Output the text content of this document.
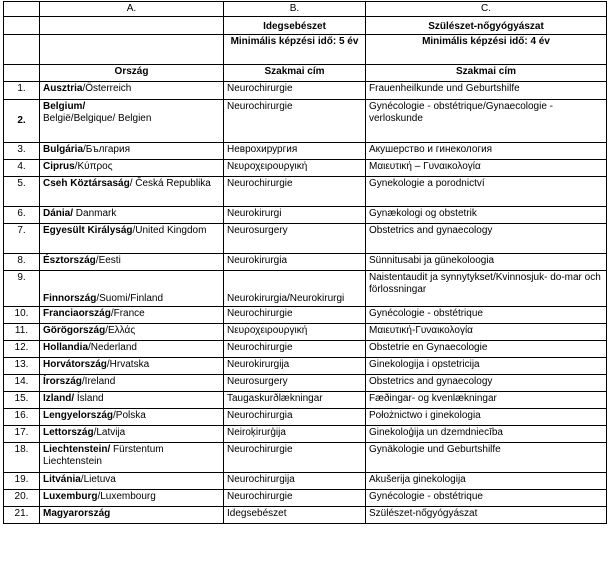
	A.	B.	C.
		Idegsebészet	Szülészet-nőgyógyászat
		Minimális képzési idő: 5 év	Minimális képzési idő: 4 év
	Ország	Szakmai cím	Szakmai cím
1.	Ausztria/Österreich	Neurochirurgie	Frauenheilkunde und Geburtshilfe
2.	Belgium/
België/Belgique/ Belgien	Neurochirurgie	Gynécologie - obstétrique/Gynaecologie - verloskunde
3.	Bulgária/България	Неврохирургия	Акушерство и гинекология
4.	Ciprus/Κύπρος	Νευροχειρουργική	Μαιευτική – Γυναικολογία
5.	Cseh Köztársaság/ Česká Republika	Neurochirurgie	Gynekologie a porodnictví
6.	Dánia/ Danmark	Neurokirurgi	Gynækologi og obstetrik
7.	Egyesült Királyság/United Kingdom	Neurosurgery	Obstetrics and gynaecology
8.	Észtország/Eesti	Neurokirurgia	Sünnitusabi ja günekoloogia
9.	Finnország/Suomi/Finland	Neurokirurgia/Neurokirurgi	Naistentaudit ja synnytykset/Kvinnosjuk- do-mar och förlossningar
10.	Franciaország/France	Neurochirurgie	Gynécologie - obstétrique
11.	Görögország/Ελλάς	Νευροχειρουργική	Μαιευτική-Γυναικολογία
12.	Hollandia/Nederland	Neurochirurgie	Obstetrie en Gynaecologie
13.	Horvátország/Hrvatska	Neurokirurgija	Ginekologija i opstetricija
14.	Írország/Ireland	Neurosurgery	Obstetrics and gynaecology
15.	Izland/ Ísland	Taugaskurðlækningar	Fæðingar- og kvenlækningar
16.	Lengyelország/Polska	Neurochirurgia	Położnictwo i ginekologia
17.	Lettország/Latvija	Neiroķirurģija	Ginekoloģija un dzemdniecība
18.	Liechtenstein/ Fürstentum Liechtenstein	Neurochirurgie	Gynäkologie und Geburtshilfe
19.	Litvánia/Lietuva	Neurochirurgija	Akušerija ginekologija
20.	Luxemburg/Luxembourg	Neurochirurgie	Gynécologie - obstétrique
21.	Magyarország	Idegsebészet	Szülészet-nőgyógyászat
